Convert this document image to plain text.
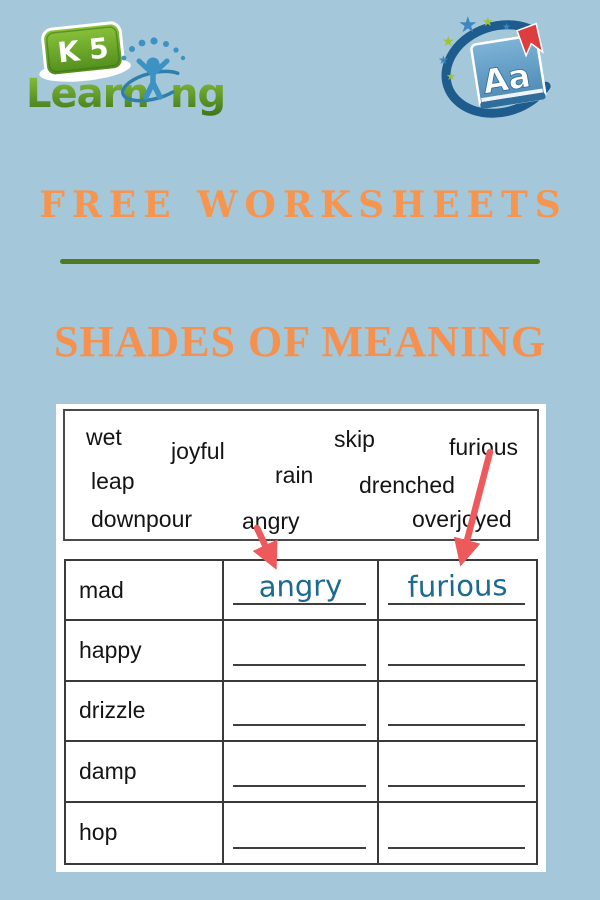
K 5
Learn ng
★
★
★ ★
★
★ Aa
FREE WORKSHEETS
SHADES OF MEANING
wet
joyful	skip	furious
leap	rain drenched
downpour angry	overjoyed
mad	angry	furious
happy
drizzle
damp
hop
